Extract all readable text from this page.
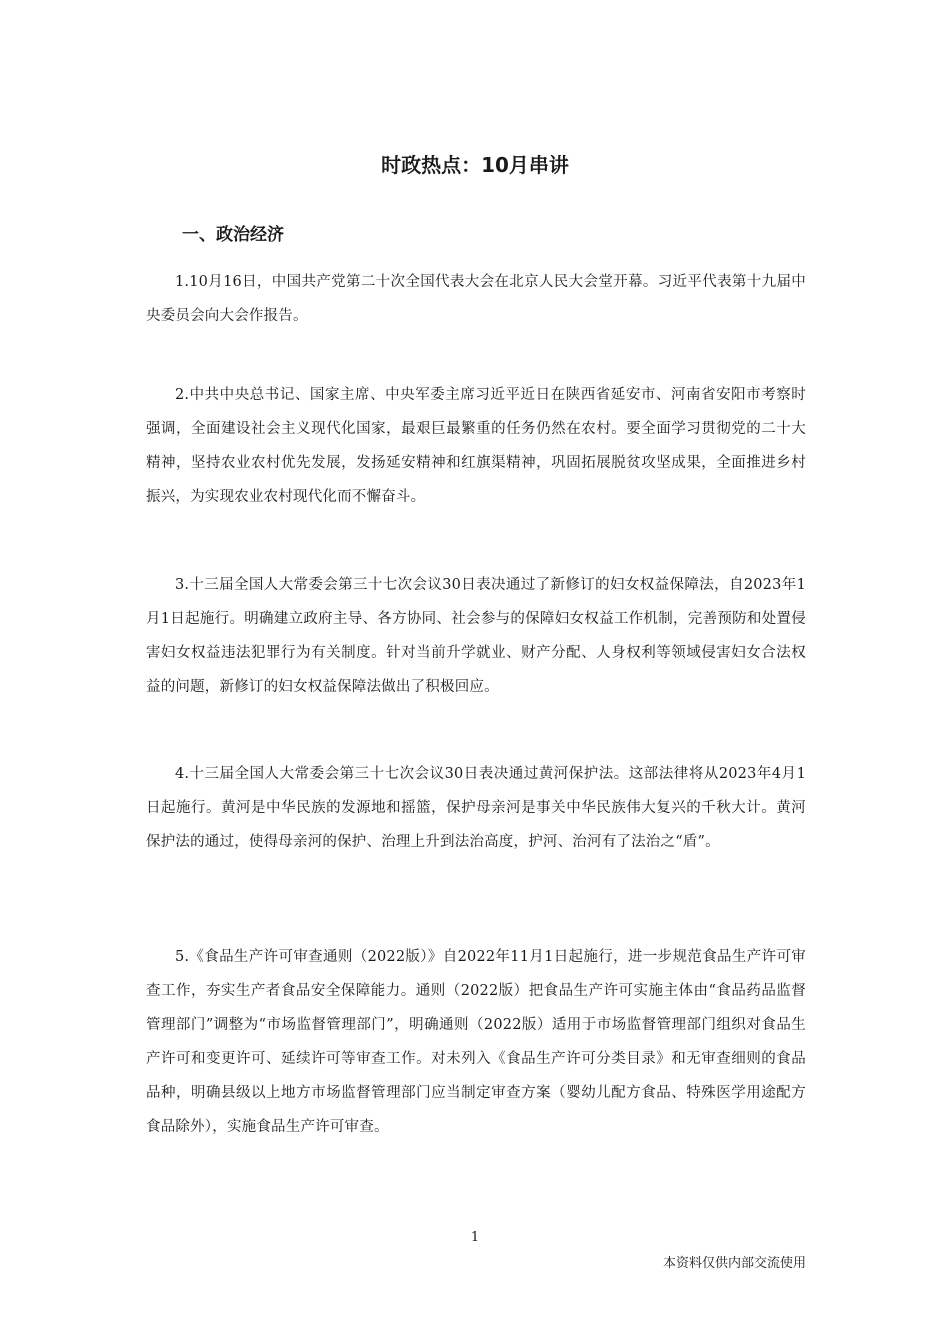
时政热点：10月串讲
一、政治经济

1.10月16日，中国共产党第二十次全国代表大会在北京人民大会堂开幕。习近平代表第十九届中央委员会向大会作报告。

2.中共中央总书记、国家主席、中央军委主席习近平近日在陕西省延安市、河南省安阳市考察时强调，全面建设社会主义现代化国家，最艰巨最繁重的任务仍然在农村。要全面学习贯彻党的二十大精神，坚持农业农村优先发展，发扬延安精神和红旗渠精神，巩固拓展脱贫攻坚成果，全面推进乡村振兴，为实现农业农村现代化而不懈奋斗。

3.十三届全国人大常委会第三十七次会议30日表决通过了新修订的妇女权益保障法，自2023年1月1日起施行。明确建立政府主导、各方协同、社会参与的保障妇女权益工作机制，完善预防和处置侵害妇女权益违法犯罪行为有关制度。针对当前升学就业、财产分配、人身权利等领域侵害妇女合法权益的问题，新修订的妇女权益保障法做出了积极回应。

4.十三届全国人大常委会第三十七次会议30日表决通过黄河保护法。这部法律将从2023年4月1日起施行。黄河是中华民族的发源地和摇篮，保护母亲河是事关中华民族伟大复兴的千秋大计。黄河保护法的通过，使得母亲河的保护、治理上升到法治高度，护河、治河有了法治之“盾”。

5.《食品生产许可审查通则（2022版）》自2022年11月1日起施行，进一步规范食品生产许可审查工作，夯实生产者食品安全保障能力。通则（2022版）把食品生产许可实施主体由“食品药品监督管理部门”调整为“市场监督管理部门”，明确通则（2022版）适用于市场监督管理部门组织对食品生产许可和变更许可、延续许可等审查工作。对未列入《食品生产许可分类目录》和无审查细则的食品品种，明确县级以上地方市场监督管理部门应当制定审查方案（婴幼儿配方食品、特殊医学用途配方食品除外），实施食品生产许可审查。

1
本资料仅供内部交流使用
